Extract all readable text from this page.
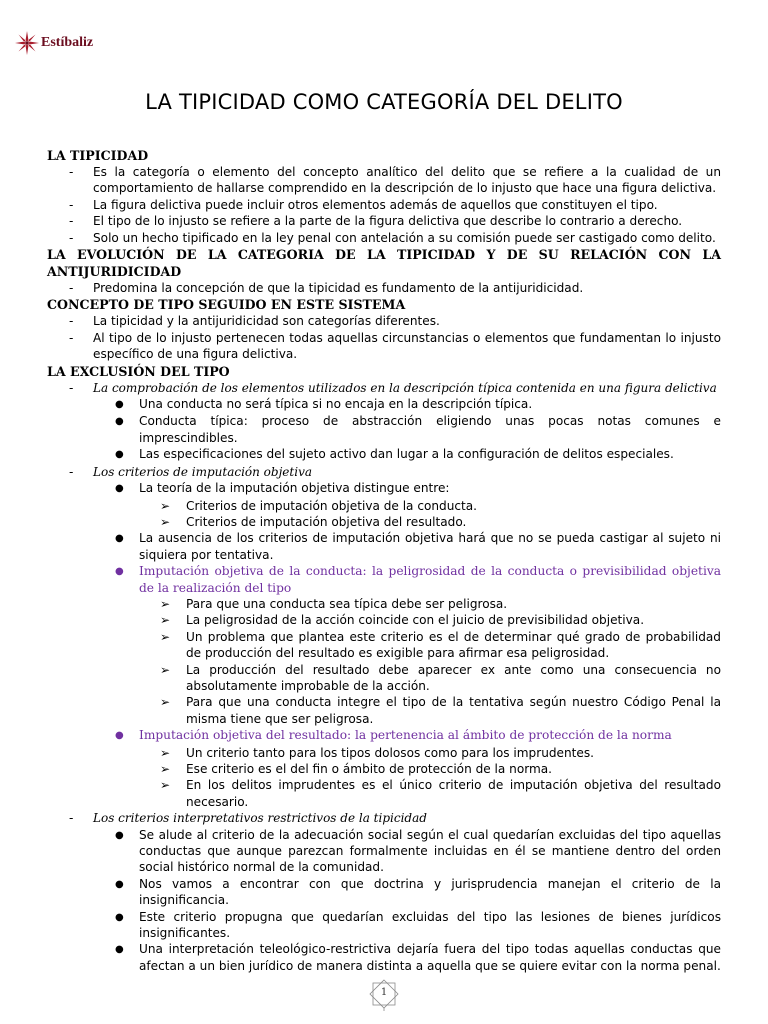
Estíbaliz
LA TIPICIDAD COMO CATEGORÍA DEL DELITO
LA TIPICIDAD
-	Es la categoría o elemento del concepto analítico del delito que se refiere a la cualidad de un comportamiento de hallarse comprendido en la descripción de lo injusto que hace una figura delictiva.
-	La figura delictiva puede incluir otros elementos además de aquellos que constituyen el tipo.
-	El tipo de lo injusto se refiere a la parte de la figura delictiva que describe lo contrario a derecho.
-	Solo un hecho tipificado en la ley penal con antelación a su comisión puede ser castigado como delito.
LA EVOLUCIÓN DE LA CATEGORIA DE LA TIPICIDAD Y DE SU RELACIÓN CON LA ANTIJURIDICIDAD
-	Predomina la concepción de que la tipicidad es fundamento de la antijuridicidad.
CONCEPTO DE TIPO SEGUIDO EN ESTE SISTEMA
-	La tipicidad y la antijuridicidad son categorías diferentes.
-	Al tipo de lo injusto pertenecen todas aquellas circunstancias o elementos que fundamentan lo injusto específico de una figura delictiva.
LA EXCLUSIÓN DEL TIPO
-	La comprobación de los elementos utilizados en la descripción típica contenida en una figura delictiva
●	Una conducta no será típica si no encaja en la descripción típica.
●	Conducta típica: proceso de abstracción eligiendo unas pocas notas comunes e imprescindibles.
●	Las especificaciones del sujeto activo dan lugar a la configuración de delitos especiales.
-	Los criterios de imputación objetiva
●	La teoría de la imputación objetiva distingue entre:
➢	Criterios de imputación objetiva de la conducta.
➢	Criterios de imputación objetiva del resultado.
●	La ausencia de los criterios de imputación objetiva hará que no se pueda castigar al sujeto ni siquiera por tentativa.
●	Imputación objetiva de la conducta: la peligrosidad de la conducta o previsibilidad objetiva de la realización del tipo
➢	Para que una conducta sea típica debe ser peligrosa.
➢	La peligrosidad de la acción coincide con el juicio de previsibilidad objetiva.
➢	Un problema que plantea este criterio es el de determinar qué grado de probabilidad de producción del resultado es exigible para afirmar esa peligrosidad.
➢	La producción del resultado debe aparecer ex ante como una consecuencia no absolutamente improbable de la acción.
➢	Para que una conducta integre el tipo de la tentativa según nuestro Código Penal la misma tiene que ser peligrosa.
●	Imputación objetiva del resultado: la pertenencia al ámbito de protección de la norma
➢	Un criterio tanto para los tipos dolosos como para los imprudentes.
➢	Ese criterio es el del fin o ámbito de protección de la norma.
➢	En los delitos imprudentes es el único criterio de imputación objetiva del resultado necesario.
-	Los criterios interpretativos restrictivos de la tipicidad
●	Se alude al criterio de la adecuación social según el cual quedarían excluidas del tipo aquellas conductas que aunque parezcan formalmente incluidas en él se mantiene dentro del orden social histórico normal de la comunidad.
●	Nos vamos a encontrar con que doctrina y jurisprudencia manejan el criterio de la insignificancia.
●	Este criterio propugna que quedarían excluidas del tipo las lesiones de bienes jurídicos insignificantes.
●	Una interpretación teleológico-restrictiva dejaría fuera del tipo todas aquellas conductas que afectan a un bien jurídico de manera distinta a aquella que se quiere evitar con la norma penal.
1
